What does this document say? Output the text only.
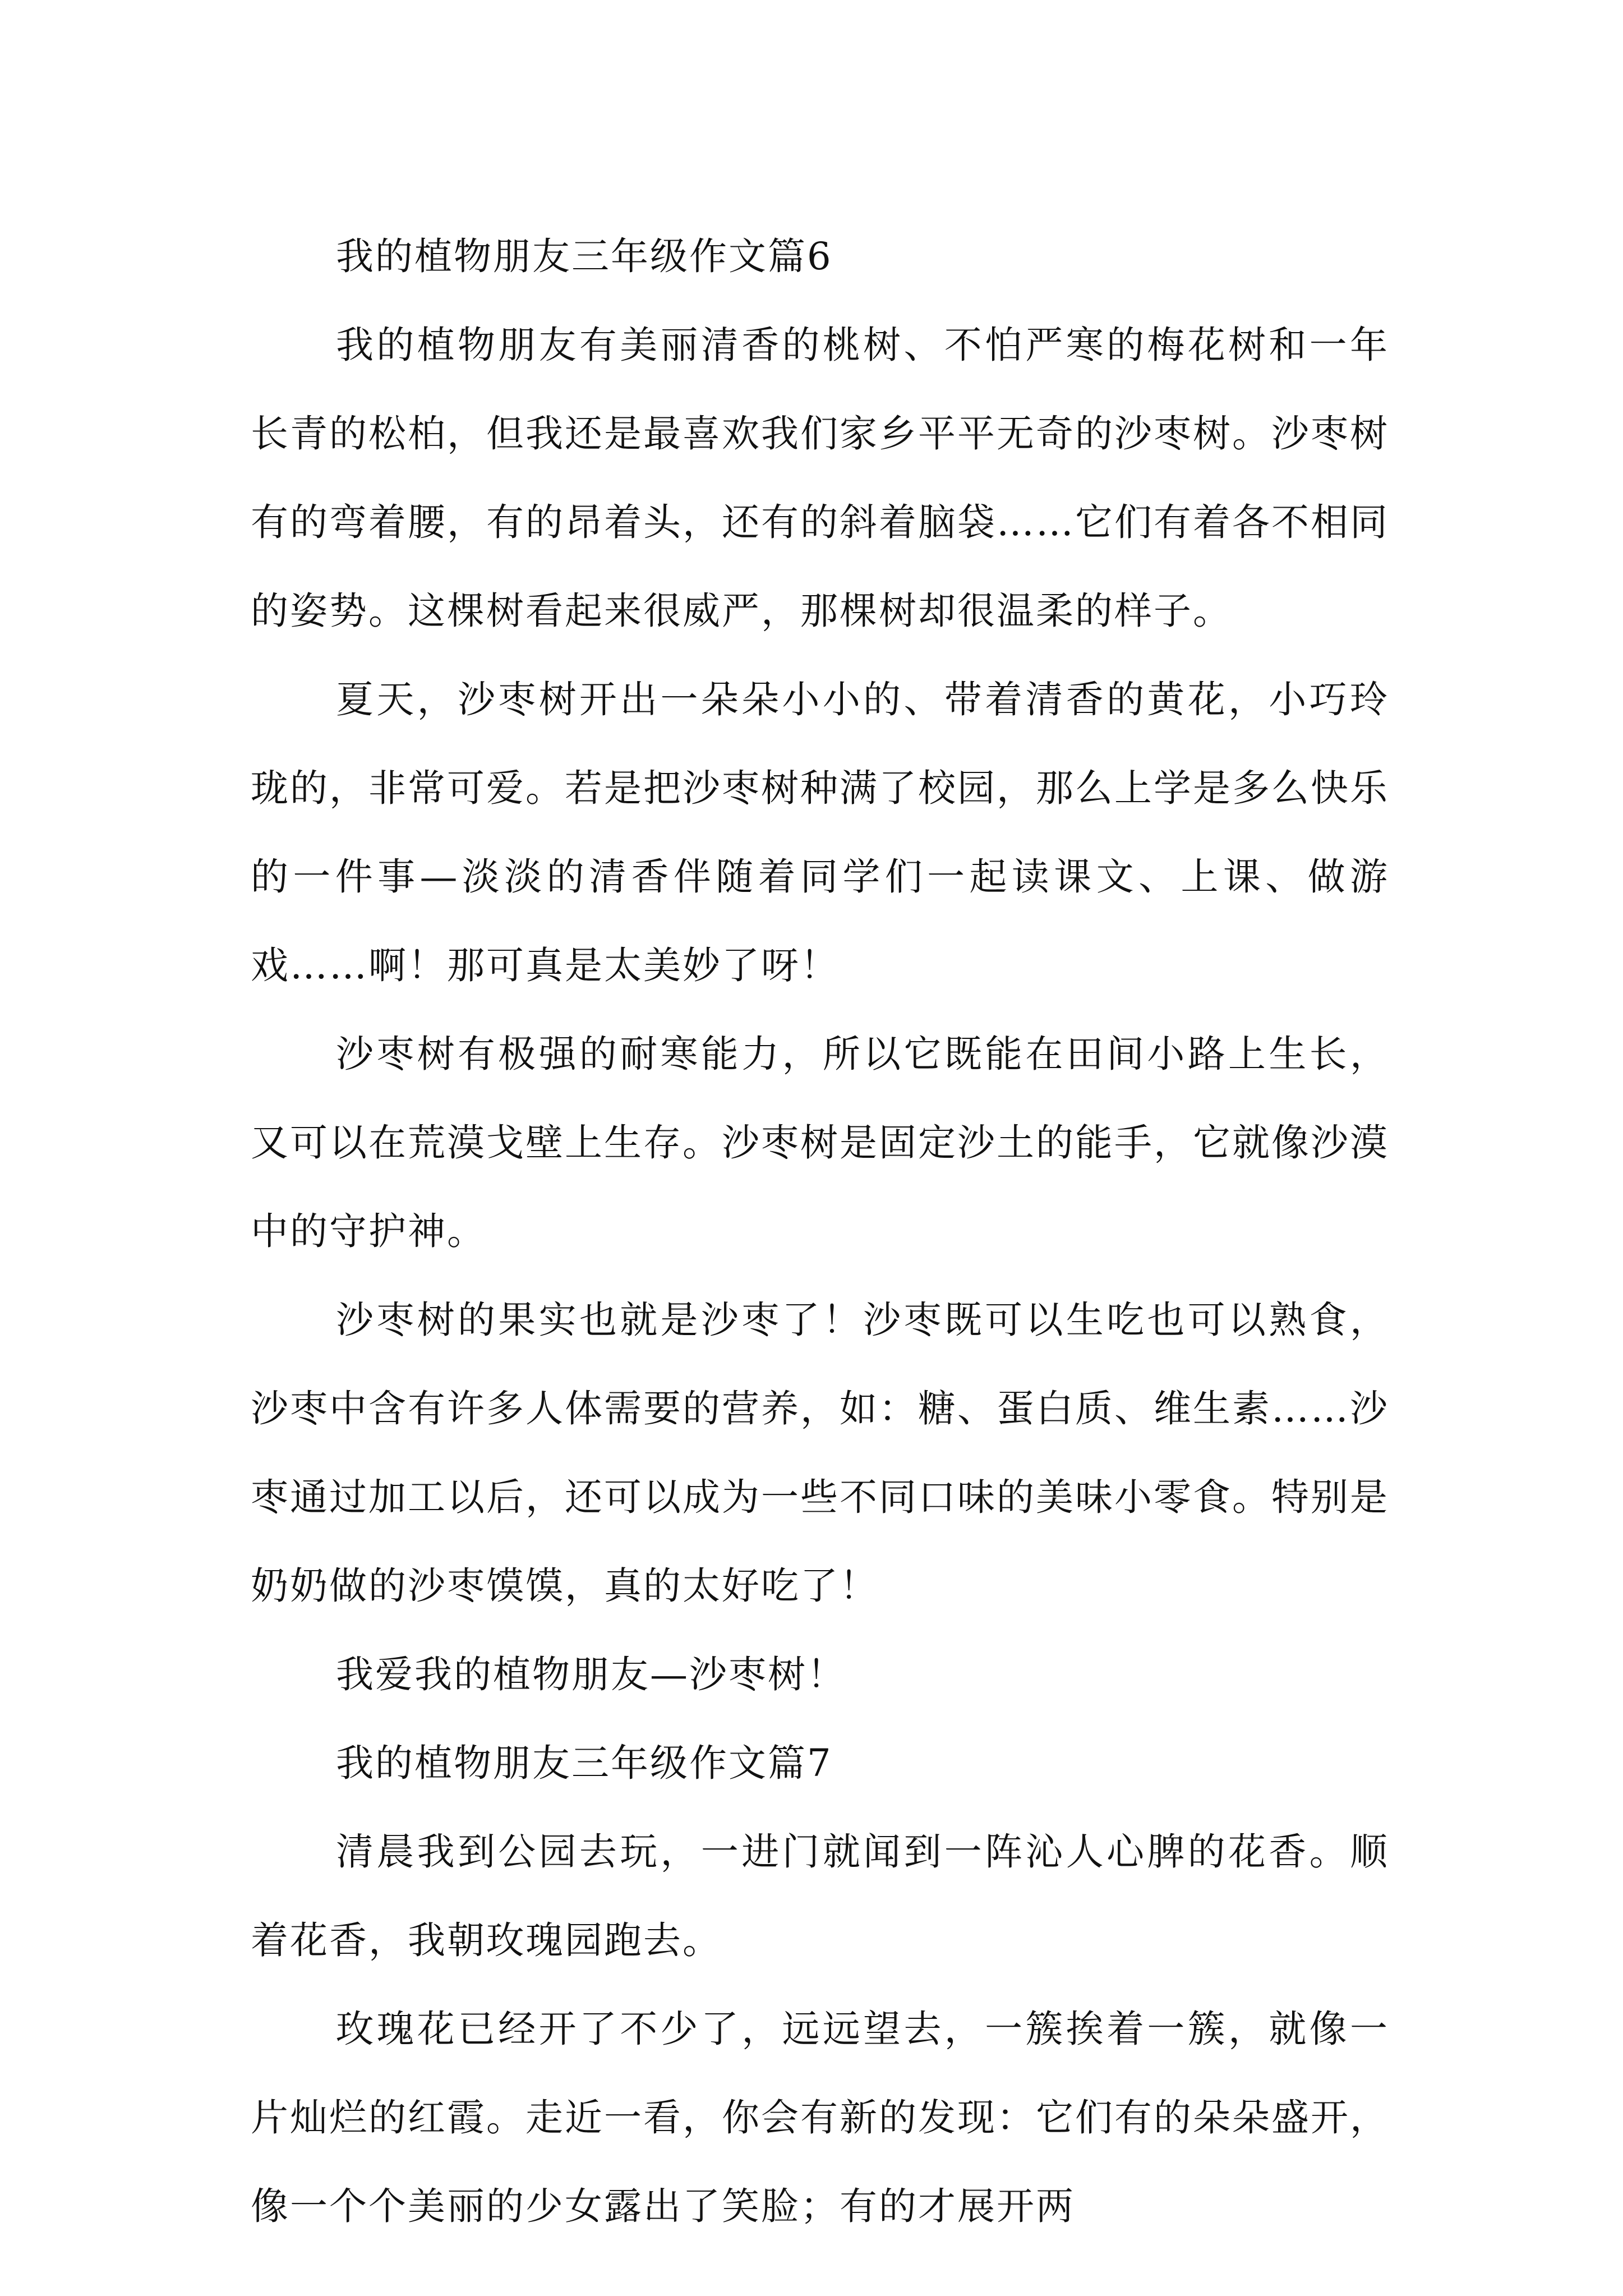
我的植物朋友三年级作文篇6

我的植物朋友有美丽清香的桃树、不怕严寒的梅花树和一年长青的松柏，但我还是最喜欢我们家乡平平无奇的沙枣树。沙枣树有的弯着腰，有的昂着头，还有的斜着脑袋……它们有着各不相同的姿势。这棵树看起来很威严，那棵树却很温柔的样子。

夏天，沙枣树开出一朵朵小小的、带着清香的黄花，小巧玲珑的，非常可爱。若是把沙枣树种满了校园，那么上学是多么快乐的一件事—淡淡的清香伴随着同学们一起读课文、上课、做游戏……啊！那可真是太美妙了呀！

沙枣树有极强的耐寒能力，所以它既能在田间小路上生长，又可以在荒漠戈壁上生存。沙枣树是固定沙土的能手，它就像沙漠中的守护神。

沙枣树的果实也就是沙枣了！沙枣既可以生吃也可以熟食，沙枣中含有许多人体需要的营养，如：糖、蛋白质、维生素……沙枣通过加工以后，还可以成为一些不同口味的美味小零食。特别是奶奶做的沙枣馍馍，真的太好吃了！

我爱我的植物朋友—沙枣树！

我的植物朋友三年级作文篇7

清晨我到公园去玩，一进门就闻到一阵沁人心脾的花香。顺着花香，我朝玫瑰园跑去。

玫瑰花已经开了不少了，远远望去，一簇挨着一簇，就像一片灿烂的红霞。走近一看，你会有新的发现：它们有的朵朵盛开，像一个个美丽的少女露出了笑脸；有的才展开两
